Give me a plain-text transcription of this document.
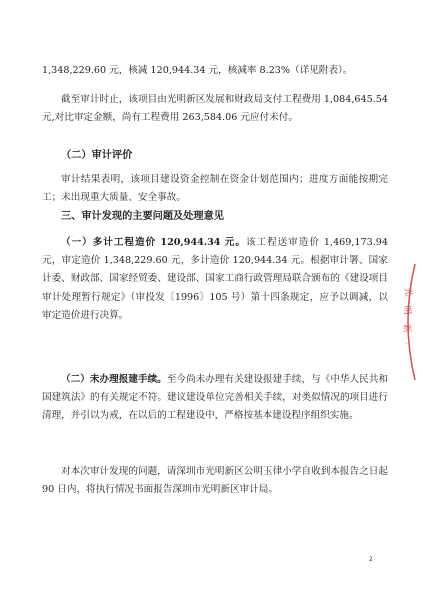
1,348,229.60 元，核减 120,944.34 元，核减率 8.23%（详见附表）。

截至审计时止，该项目由光明新区发展和财政局支付工程费用 1,084,645.54 元,对比审定金额，尚有工程费用 263,584.06 元应付未付。

（二）审计评价

审计结果表明，该项目建设资金控制在资金计划范围内；进度方面能按期完工；未出现重大质量、安全事故。

三、审计发现的主要问题及处理意见

（一）多计工程造价 120,944.34 元。该工程送审造价 1,469,173.94 元，审定造价 1,348,229.60 元，多计造价 120,944.34 元。根据审计署、国家计委、财政部、国家经贸委、建设部、国家工商行政管理局联合颁布的《建设项目审计处理暂行规定》（审投发〔1996〕105 号）第十四条规定，应予以调减，以审定造价进行决算。

（二）未办理报建手续。至今尚未办理有关建设报建手续，与《中华人民共和国建筑法》的有关规定不符。建议建设单位完善相关手续，对类似情况的项目进行清理，并引以为戒，在以后的工程建设中，严格按基本建设程序组织实施。

对本次审计发现的问题，请深圳市光明新区公明玉律小学自收到本报告之日起 90 日内，将执行情况书面报告深圳市光明新区审计局。

光
明
新
·
2
